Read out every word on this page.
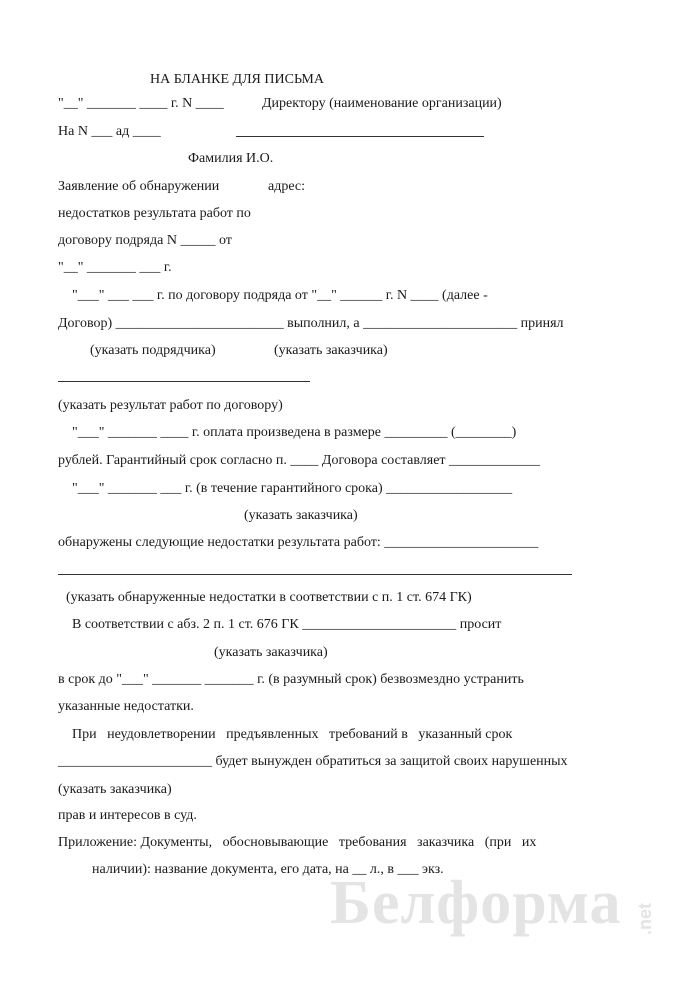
НА БЛАНКЕ ДЛЯ ПИСЬМА
"__" _______ ____ г. N ____	Директору (наименование организации)
На N ___ ад ____
Фамилия И.О.
Заявление об обнаружении	адрес:
недостатков результата работ по
договору подряда N _____ от
"__" _______ ___ г.
"___" ___ ___ г. по договору подряда от "__" ______ г. N ____ (далее -
Договор) ________________________ выполнил, а ______________________ принял
(указать подрядчика)	(указать заказчика)
(указать результат работ по договору)
"___" _______ ____ г. оплата произведена в размере _________ (________)
рублей. Гарантийный срок согласно п. ____ Договора составляет _____________
"___" _______ ___ г. (в течение гарантийного срока) __________________
(указать заказчика)
обнаружены следующие недостатки результата работ: ______________________
(указать обнаруженные недостатки в соответствии с п. 1 ст. 674 ГК)
В соответствии с абз. 2 п. 1 ст. 676 ГК ______________________ просит
(указать заказчика)
в срок до "___" _______ _______ г. (в разумный срок) безвозмездно устранить
указанные недостатки.
При   неудовлетворении   предъявленных   требований в   указанный срок
______________________ будет вынужден обратиться за защитой своих нарушенных
(указать заказчика)
прав и интересов в суд.
Приложение: Документы,   обосновывающие   требования   заказчика   (при   их
наличии): название документа, его дата, на __ л., в ___ экз.
Белформа .net
